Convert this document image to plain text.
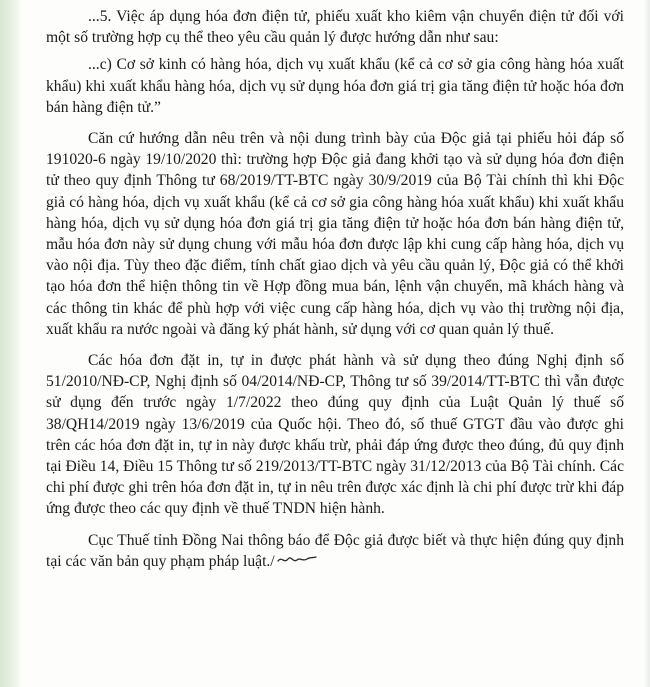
...5. Việc áp dụng hóa đơn điện tử, phiếu xuất kho kiêm vận chuyển điện tử đối với một số trường hợp cụ thể theo yêu cầu quản lý được hướng dẫn như sau:

...c) Cơ sở kinh có hàng hóa, dịch vụ xuất khẩu (kể cả cơ sở gia công hàng hóa xuất khẩu) khi xuất khẩu hàng hóa, dịch vụ sử dụng hóa đơn giá trị gia tăng điện tử hoặc hóa đơn bán hàng điện tử.”

Căn cứ hướng dẫn nêu trên và nội dung trình bày của Độc giả tại phiếu hỏi đáp số 191020-6 ngày 19/10/2020 thì: trường hợp Độc giả đang khởi tạo và sử dụng hóa đơn điện tử theo quy định Thông tư 68/2019/TT-BTC ngày 30/9/2019 của Bộ Tài chính thì khi Độc giả có hàng hóa, dịch vụ xuất khẩu (kể cả cơ sở gia công hàng hóa xuất khẩu) khi xuất khẩu hàng hóa, dịch vụ sử dụng hóa đơn giá trị gia tăng điện tử hoặc hóa đơn bán hàng điện tử, mẫu hóa đơn này sử dụng chung với mẫu hóa đơn được lập khi cung cấp hàng hóa, dịch vụ vào nội địa. Tùy theo đặc điểm, tính chất giao dịch và yêu cầu quản lý, Độc giả có thể khởi tạo hóa đơn thể hiện thông tin về Hợp đồng mua bán, lệnh vận chuyển, mã khách hàng và các thông tin khác để phù hợp với việc cung cấp hàng hóa, dịch vụ vào thị trường nội địa, xuất khẩu ra nước ngoài và đăng ký phát hành, sử dụng với cơ quan quản lý thuế.

Các hóa đơn đặt in, tự in được phát hành và sử dụng theo đúng Nghị định số 51/2010/NĐ-CP, Nghị định số 04/2014/NĐ-CP, Thông tư số 39/2014/TT-BTC thì vẫn được sử dụng đến trước ngày 1/7/2022 theo đúng quy định của Luật Quản lý thuế số 38/QH14/2019 ngày 13/6/2019 của Quốc hội. Theo đó, số thuế GTGT đầu vào được ghi trên các hóa đơn đặt in, tự in này được khấu trừ, phải đáp ứng được theo đúng, đủ quy định tại Điều 14, Điều 15 Thông tư số 219/2013/TT-BTC ngày 31/12/2013 của Bộ Tài chính. Các chi phí được ghi trên hóa đơn đặt in, tự in nêu trên được xác định là chi phí được trừ khi đáp ứng được theo các quy định về thuế TNDN hiện hành.

Cục Thuế tỉnh Đồng Nai thông báo để Độc giả được biết và thực hiện đúng quy định tại các văn bản quy phạm pháp luật./
